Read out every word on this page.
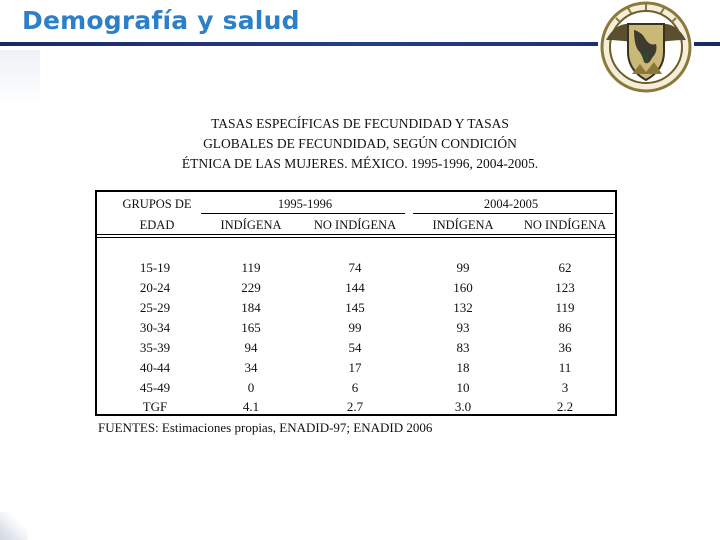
Demografía y salud
TASAS ESPECÍFICAS DE FECUNDIDAD Y TASAS
GLOBALES DE FECUNDIDAD, SEGÚN CONDICIÓN
ÉTNICA DE LAS MUJERES. MÉXICO. 1995-1996, 2004-2005.
GRUPOS DE
EDAD
1995-1996	2004-2005
INDÍGENA	NO INDÍGENA	INDÍGENA	NO INDÍGENA
15-19	119	74	99	62
20-24	229	144	160	123
25-29	184	145	132	119
30-34	165	99	93	86
35-39	94	54	83	36
40-44	34	17	18	11
45-49	0	6	10	3
TGF	4.1	2.7	3.0	2.2
FUENTES: Estimaciones propias, ENADID-97; ENADID 2006
